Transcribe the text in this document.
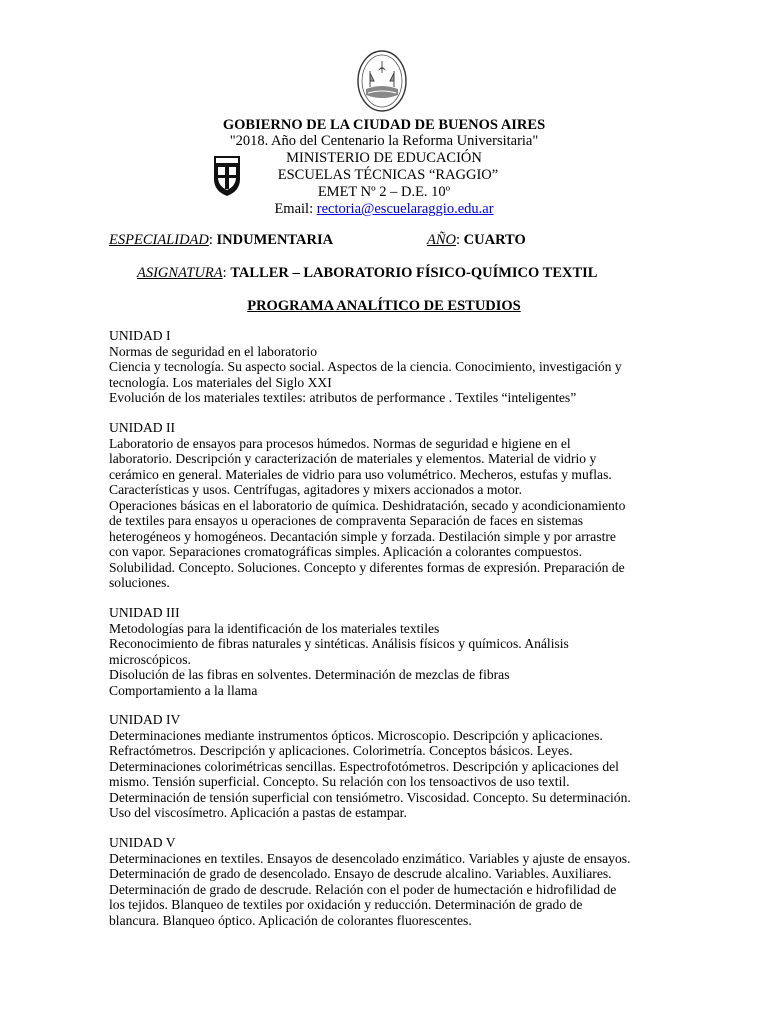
GOBIERNO DE LA CIUDAD DE BUENOS AIRES
"2018. Año del Centenario la Reforma Universitaria"
MINISTERIO DE EDUCACIÓN
ESCUELAS TÉCNICAS “RAGGIO”
EMET Nº 2 – D.E. 10º
Email: rectoria@escuelaraggio.edu.ar
ESPECIALIDAD: INDUMENTARIA	AÑO: CUARTO
ASIGNATURA: TALLER – LABORATORIO FÍSICO-QUÍMICO TEXTIL
PROGRAMA ANALÍTICO DE ESTUDIOS
UNIDAD I
Normas de seguridad en el laboratorio
Ciencia y tecnología. Su aspecto social. Aspectos de la ciencia. Conocimiento, investigación y
tecnología. Los materiales del Siglo XXI
Evolución de los materiales textiles: atributos de performance . Textiles “inteligentes”
UNIDAD II
Laboratorio de ensayos para procesos húmedos. Normas de seguridad e higiene en el
laboratorio. Descripción y caracterización de materiales y elementos. Material de vidrio y
cerámico en general. Materiales de vidrio para uso volumétrico. Mecheros, estufas y muflas.
Características y usos. Centrífugas, agitadores y mixers accionados a motor.
Operaciones básicas en el laboratorio de química. Deshidratación, secado y acondicionamiento
de textiles para ensayos u operaciones de compraventa Separación de faces en sistemas
heterogéneos y homogéneos. Decantación simple y forzada. Destilación simple y por arrastre
con vapor. Separaciones cromatográficas simples. Aplicación a colorantes compuestos.
Solubilidad. Concepto. Soluciones. Concepto y diferentes formas de expresión. Preparación de
soluciones.
UNIDAD III
Metodologías para la identificación de los materiales textiles
Reconocimiento de fibras naturales y sintéticas. Análisis físicos y químicos. Análisis
microscópicos.
Disolución de las fibras en solventes. Determinación de mezclas de fibras
Comportamiento a la llama
UNIDAD IV
Determinaciones mediante instrumentos ópticos. Microscopio. Descripción y aplicaciones.
Refractómetros. Descripción y aplicaciones. Colorimetría. Conceptos básicos. Leyes.
Determinaciones colorimétricas sencillas. Espectrofotómetros. Descripción y aplicaciones del
mismo. Tensión superficial. Concepto. Su relación con los tensoactivos de uso textil.
Determinación de tensión superficial con tensiómetro. Viscosidad. Concepto. Su determinación.
Uso del viscosímetro. Aplicación a pastas de estampar.
UNIDAD V
Determinaciones en textiles. Ensayos de desencolado enzimático. Variables y ajuste de ensayos.
Determinación de grado de desencolado. Ensayo de descrude alcalino. Variables. Auxiliares.
Determinación de grado de descrude. Relación con el poder de humectación e hidrofilidad de
los tejidos. Blanqueo de textiles por oxidación y reducción. Determinación de grado de
blancura. Blanqueo óptico. Aplicación de colorantes fluorescentes.
